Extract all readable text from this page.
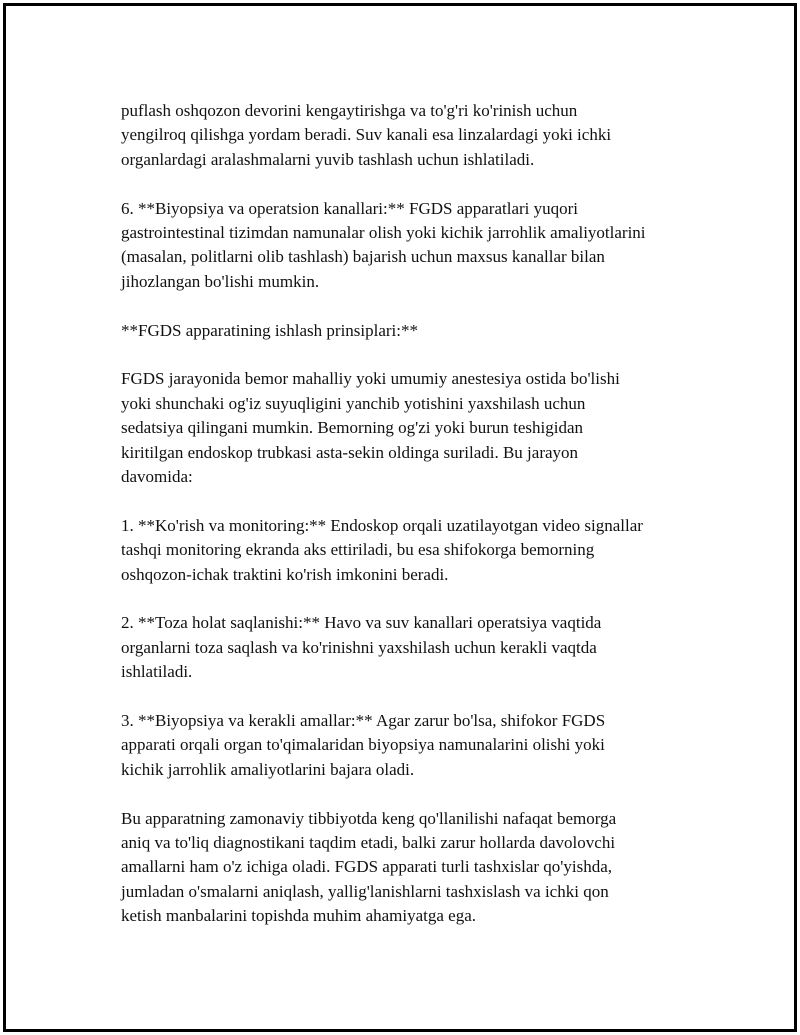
puflash oshqozon devorini kengaytirishga va to'g'ri ko'rinish uchun
yengilroq qilishga yordam beradi. Suv kanali esa linzalardagi yoki ichki
organlardagi aralashmalarni yuvib tashlash uchun ishlatiladi.

6. **Biyopsiya va operatsion kanallari:** FGDS apparatlari yuqori
gastrointestinal tizimdan namunalar olish yoki kichik jarrohlik amaliyotlarini
(masalan, politlarni olib tashlash) bajarish uchun maxsus kanallar bilan
jihozlangan bo'lishi mumkin.

**FGDS apparatining ishlash prinsiplari:**

FGDS jarayonida bemor mahalliy yoki umumiy anestesiya ostida bo'lishi
yoki shunchaki og'iz suyuqligini yanchib yotishini yaxshilash uchun
sedatsiya qilingani mumkin. Bemorning og'zi yoki burun teshigidan
kiritilgan endoskop trubkasi asta-sekin oldinga suriladi. Bu jarayon
davomida:

1. **Ko'rish va monitoring:** Endoskop orqali uzatilayotgan video signallar
tashqi monitoring ekranda aks ettiriladi, bu esa shifokorga bemorning
oshqozon-ichak traktini ko'rish imkonini beradi.

2. **Toza holat saqlanishi:** Havo va suv kanallari operatsiya vaqtida
organlarni toza saqlash va ko'rinishni yaxshilash uchun kerakli vaqtda
ishlatiladi.

3. **Biyopsiya va kerakli amallar:** Agar zarur bo'lsa, shifokor FGDS
apparati orqali organ to'qimalaridan biyopsiya namunalarini olishi yoki
kichik jarrohlik amaliyotlarini bajara oladi.

Bu apparatning zamonaviy tibbiyotda keng qo'llanilishi nafaqat bemorga
aniq va to'liq diagnostikani taqdim etadi, balki zarur hollarda davolovchi
amallarni ham o'z ichiga oladi. FGDS apparati turli tashxislar qo'yishda,
jumladan o'smalarni aniqlash, yallig'lanishlarni tashxislash va ichki qon
ketish manbalarini topishda muhim ahamiyatga ega.
